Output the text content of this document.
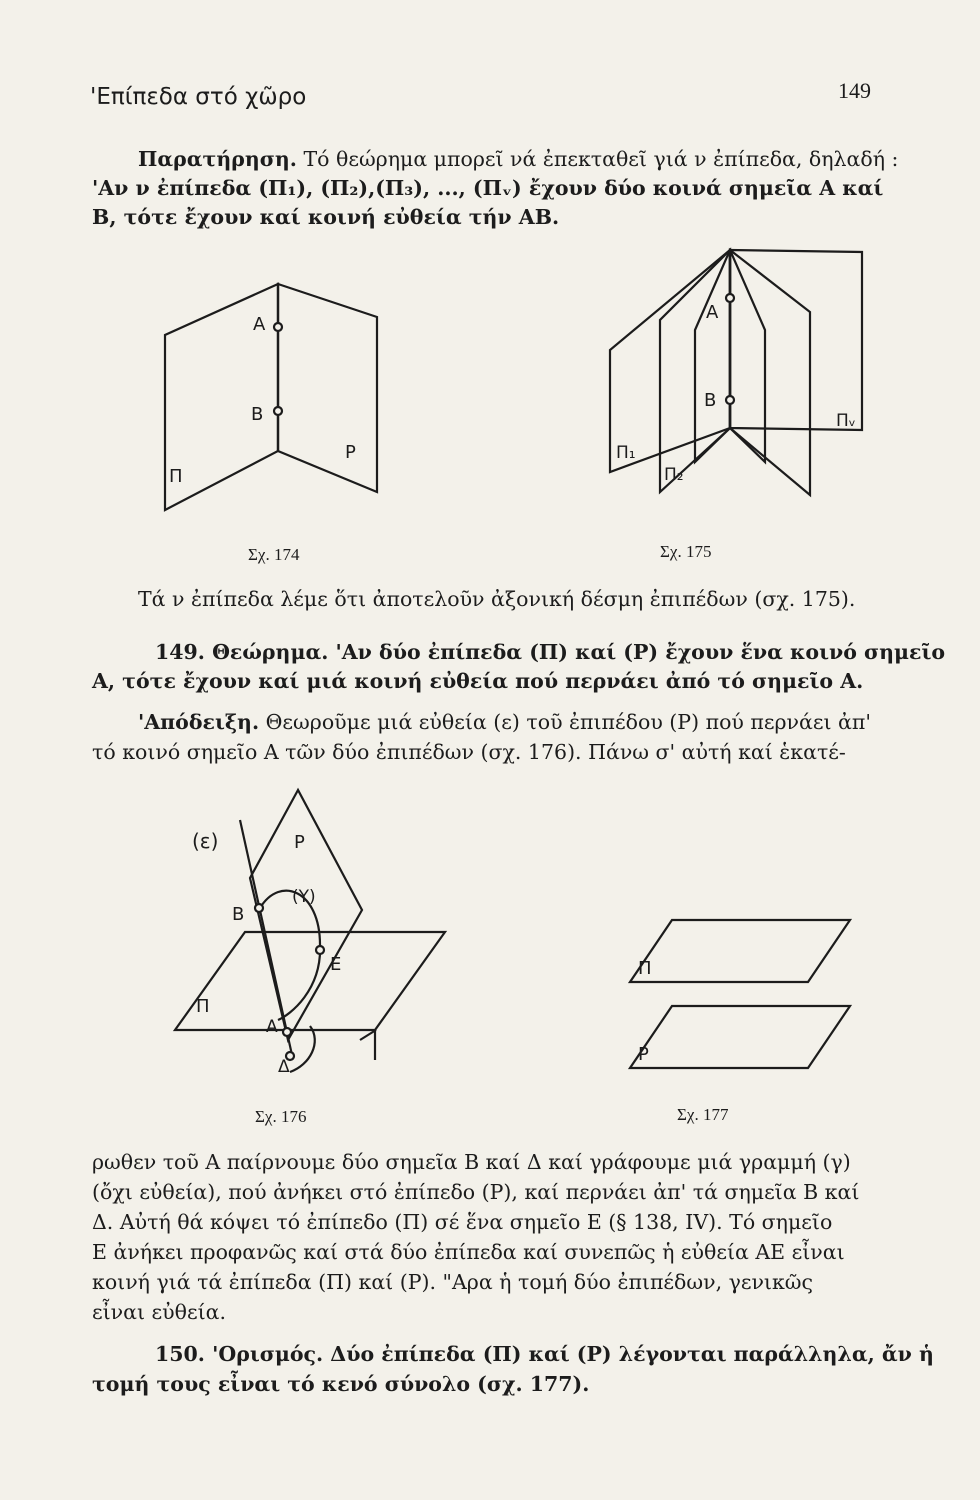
'Επίπεδα στό χῶρο	149
Παρατήρηση. Τό θεώρημα μπορεῖ νά ἐπεκταθεῖ γιά ν ἐπίπεδα, δηλαδή :
'Αν ν ἐπίπεδα (Π₁), (Π₂),(Π₃), ..., (Πᵥ) ἔχουν δύο κοινά σημεῖα Α καί
Β, τότε ἔχουν καί κοινή εὐθεία τήν ΑΒ.
A
B
P
Π
Σχ. 174
A
B
Π₁
Π₂
Πᵥ
Σχ. 175
Τά ν ἐπίπεδα λέμε ὅτι ἀποτελοῦν ἀξονική δέσμη ἐπιπέδων (σχ. 175).
149. Θεώρημα. 'Αν δύο ἐπίπεδα (Π) καί (Ρ) ἔχουν ἕνα κοινό σημεῖο
Α, τότε ἔχουν καί μιά κοινή εὐθεία πού περνάει ἀπό τό σημεῖο Α.
'Απόδειξη. Θεωροῦμε μιά εὐθεία (ε) τοῦ ἐπιπέδου (Ρ) πού περνάει ἀπ'
τό κοινό σημεῖο Α τῶν δύο ἐπιπέδων (σχ. 176). Πάνω σ' αὐτή καί ἑκατέ-
(ε)	P
(Υ)
B
E
Π
A
Δ
Σχ. 176
Π
P
Σχ. 177
ρωθεν τοῦ Α παίρνουμε δύο σημεῖα Β καί Δ καί γράφουμε μιά γραμμή (γ)
(ὄχι εὐθεία), πού ἀνήκει στό ἐπίπεδο (Ρ), καί περνάει ἀπ' τά σημεῖα Β καί
Δ. Αὐτή θά κόψει τό ἐπίπεδο (Π) σέ ἕνα σημεῖο Ε (§ 138, IV). Τό σημεῖο
Ε ἀνήκει προφανῶς καί στά δύο ἐπίπεδα καί συνεπῶς ἡ εὐθεία ΑΕ εἶναι
κοινή γιά τά ἐπίπεδα (Π) καί (Ρ). "Αρα ἡ τομή δύο ἐπιπέδων, γενικῶς
εἶναι εὐθεία.
150. 'Ορισμός. Δύο ἐπίπεδα (Π) καί (Ρ) λέγονται παράλληλα, ἄν ἡ
τομή τους εἶναι τό κενό σύνολο (σχ. 177).
